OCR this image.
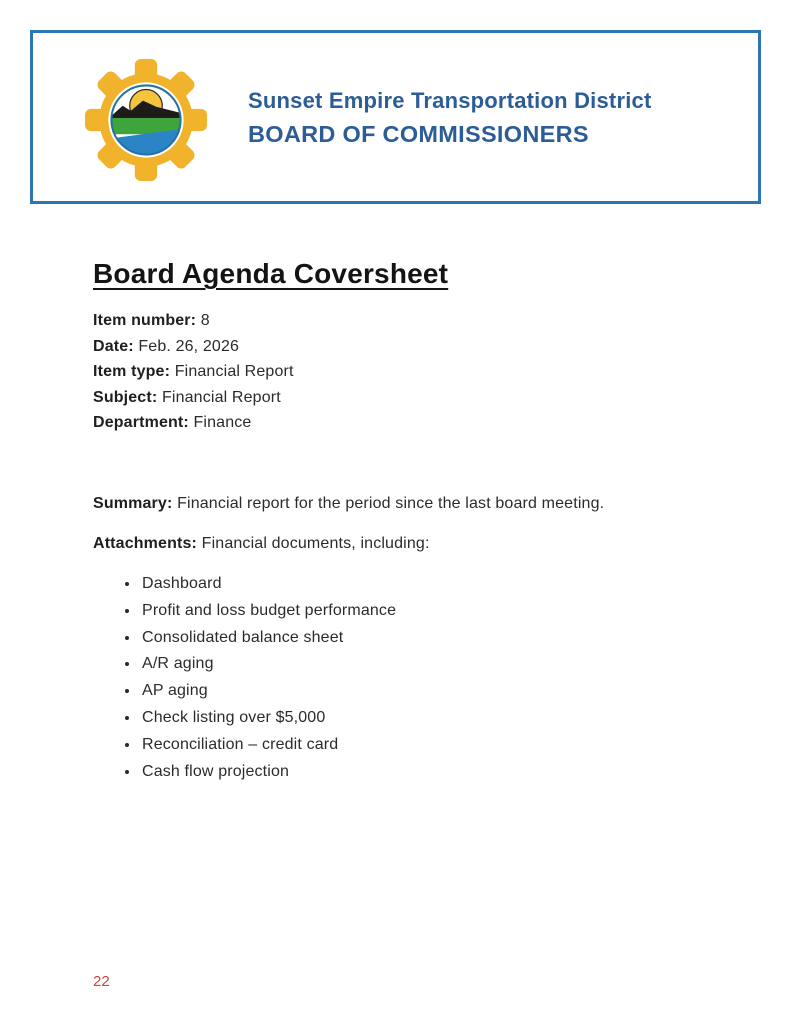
Sunset Empire Transportation District
BOARD OF COMMISSIONERS
Board Agenda Coversheet
Item number: 8
Date: Feb. 26, 2026
Item type: Financial Report
Subject: Financial Report
Department: Finance

Summary: Financial report for the period since the last board meeting.

Attachments: Financial documents, including:

• Dashboard
• Profit and loss budget performance
• Consolidated balance sheet
• A/R aging
• AP aging
• Check listing over $5,000
• Reconciliation – credit card
• Cash flow projection
22
